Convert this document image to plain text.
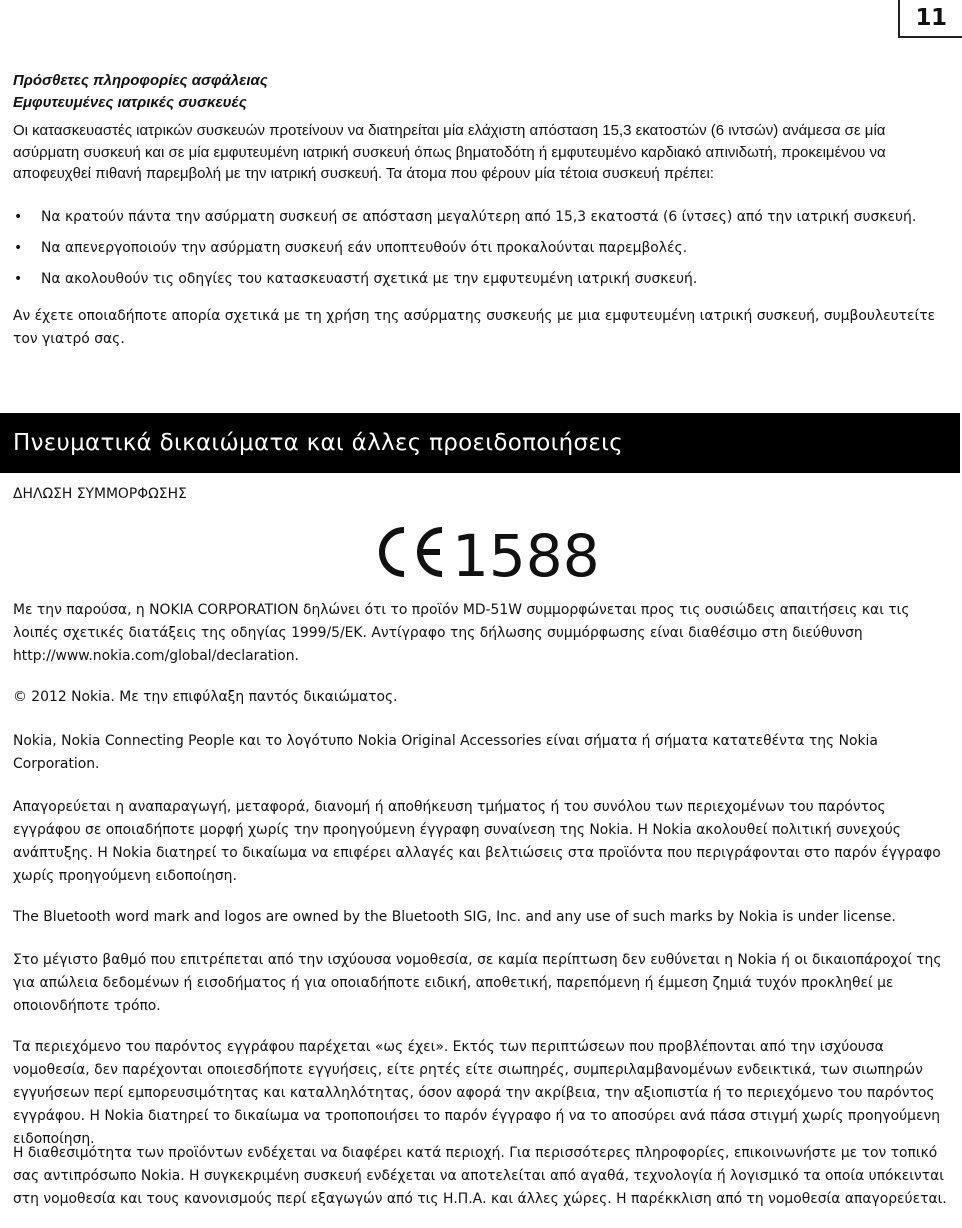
11

Πρόσθετες πληροφορίες ασφάλειας

Εμφυτευμένες ιατρικές συσκευές

Οι κατασκευαστές ιατρικών συσκευών προτείνουν να διατηρείται μία ελάχιστη απόσταση 15,3 εκατοστών (6 ιντσών) ανάμεσα σε μία ασύρματη συσκευή και σε μία εμφυτευμένη ιατρική συσκευή όπως βηματοδότη ή εμφυτευμένο καρδιακό απινιδωτή, προκειμένου να αποφευχθεί πιθανή παρεμβολή με την ιατρική συσκευή. Τα άτομα που φέρουν μία τέτοια συσκευή πρέπει:

• Να κρατούν πάντα την ασύρματη συσκευή σε απόσταση μεγαλύτερη από 15,3 εκατοστά (6 ίντσες) από την ιατρική συσκευή.
• Να απενεργοποιούν την ασύρματη συσκευή εάν υποπτευθούν ότι προκαλούνται παρεμβολές.
• Να ακολουθούν τις οδηγίες του κατασκευαστή σχετικά με την εμφυτευμένη ιατρική συσκευή.

Αν έχετε οποιαδήποτε απορία σχετικά με τη χρήση της ασύρματης συσκευής με μια εμφυτευμένη ιατρική συσκευή, συμβουλευτείτε τον γιατρό σας.

Πνευματικά δικαιώματα και άλλες προειδοποιήσεις

ΔΗΛΩΣΗ ΣΥΜΜΟΡΦΩΣΗΣ

1588

Με την παρούσα, η NOKIA CORPORATION δηλώνει ότι το προϊόν MD-51W συμμορφώνεται προς τις ουσιώδεις απαιτήσεις και τις λοιπές σχετικές διατάξεις της οδηγίας 1999/5/EK. Αντίγραφο της δήλωσης συμμόρφωσης είναι διαθέσιμο στη διεύθυνση http://www.nokia.com/global/declaration.

© 2012 Nokia. Με την επιφύλαξη παντός δικαιώματος.

Nokia, Nokia Connecting People και το λογότυπο Nokia Original Accessories είναι σήματα ή σήματα κατατεθέντα της Nokia Corporation.

Απαγορεύεται η αναπαραγωγή, μεταφορά, διανομή ή αποθήκευση τμήματος ή του συνόλου των περιεχομένων του παρόντος εγγράφου σε οποιαδήποτε μορφή χωρίς την προηγούμενη έγγραφη συναίνεση της Nokia. Η Nokia ακολουθεί πολιτική συνεχούς ανάπτυξης. Η Nokia διατηρεί το δικαίωμα να επιφέρει αλλαγές και βελτιώσεις στα προϊόντα που περιγράφονται στο παρόν έγγραφο χωρίς προηγούμενη ειδοποίηση.

The Bluetooth word mark and logos are owned by the Bluetooth SIG, Inc. and any use of such marks by Nokia is under license.

Στο μέγιστο βαθμό που επιτρέπεται από την ισχύουσα νομοθεσία, σε καμία περίπτωση δεν ευθύνεται η Nokia ή οι δικαιοπάροχοί της για απώλεια δεδομένων ή εισοδήματος ή για οποιαδήποτε ειδική, αποθετική, παρεπόμενη ή έμμεση ζημιά τυχόν προκληθεί με οποιονδήποτε τρόπο.

Τα περιεχόμενο του παρόντος εγγράφου παρέχεται «ως έχει». Εκτός των περιπτώσεων που προβλέπονται από την ισχύουσα νομοθεσία, δεν παρέχονται οποιεσδήποτε εγγυήσεις, είτε ρητές είτε σιωπηρές, συμπεριλαμβανομένων ενδεικτικά, των σιωπηρών εγγυήσεων περί εμπορευσιμότητας και καταλληλότητας, όσον αφορά την ακρίβεια, την αξιοπιστία ή το περιεχόμενο του παρόντος εγγράφου. Η Nokia διατηρεί το δικαίωμα να τροποποιήσει το παρόν έγγραφο ή να το αποσύρει ανά πάσα στιγμή χωρίς προηγούμενη ειδοποίηση.

Η διαθεσιμότητα των προϊόντων ενδέχεται να διαφέρει κατά περιοχή. Για περισσότερες πληροφορίες, επικοινωνήστε με τον τοπικό σας αντιπρόσωπο Nokia. Η συγκεκριμένη συσκευή ενδέχεται να αποτελείται από αγαθά, τεχνολογία ή λογισμικό τα οποία υπόκεινται στη νομοθεσία και τους κανονισμούς περί εξαγωγών από τις Η.Π.Α. και άλλες χώρες. Η παρέκκλιση από τη νομοθεσία απαγορεύεται.
